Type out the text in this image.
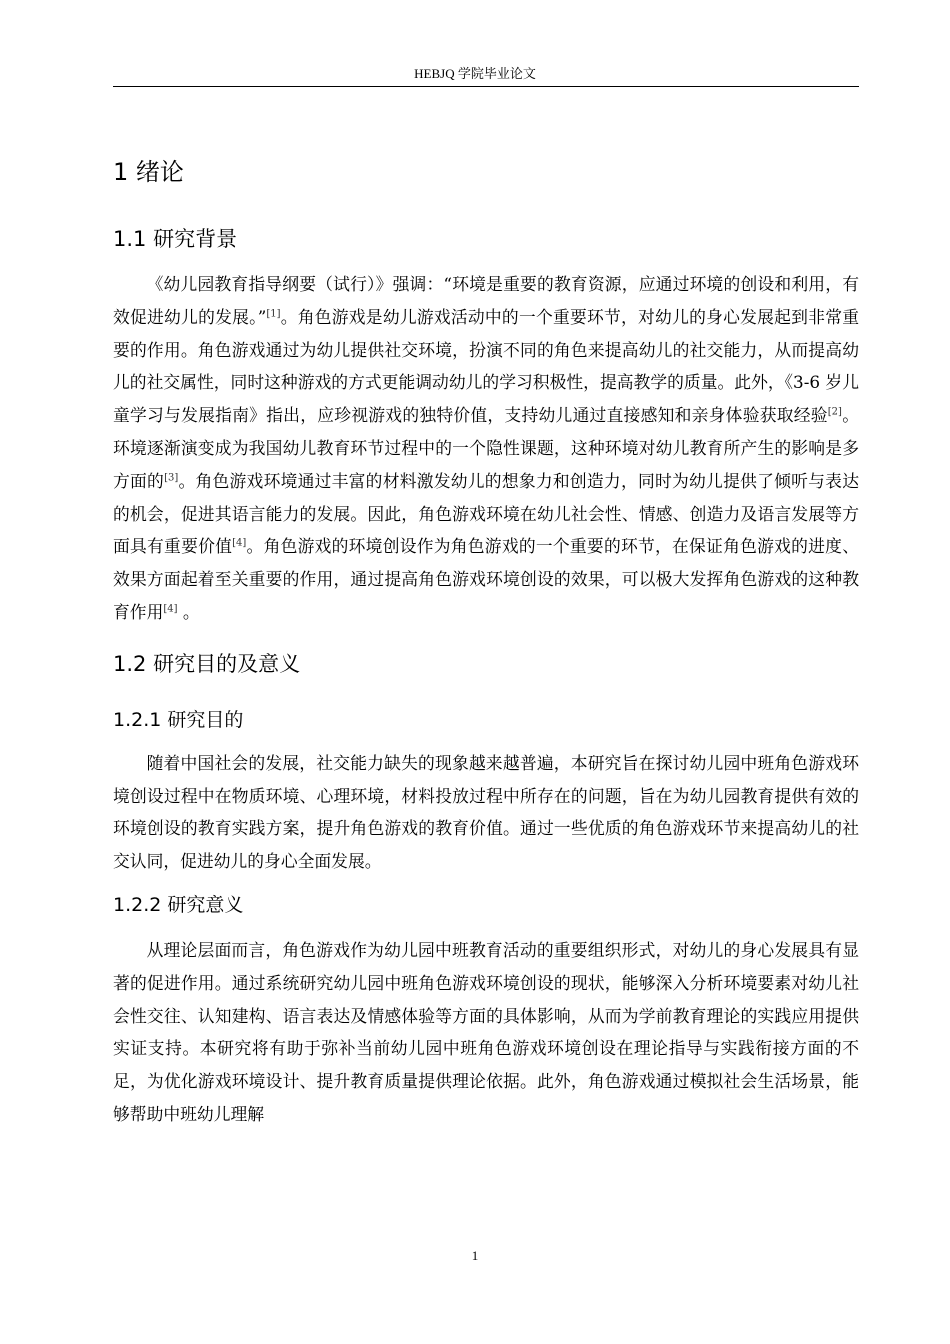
HEBJQ 学院毕业论文
1 绪论
1.1 研究背景

《幼儿园教育指导纲要（试行）》强调：“环境是重要的教育资源，应通过环境的创设和利用，有效促进幼儿的发展。”[1]。角色游戏是幼儿游戏活动中的一个重要环节，对幼儿的身心发展起到非常重要的作用。角色游戏通过为幼儿提供社交环境，扮演不同的角色来提高幼儿的社交能力，从而提高幼儿的社交属性，同时这种游戏的方式更能调动幼儿的学习积极性，提高教学的质量。此外，《3-6 岁儿童学习与发展指南》指出，应珍视游戏的独特价值，支持幼儿通过直接感知和亲身体验获取经验[2]。环境逐渐演变成为我国幼儿教育环节过程中的一个隐性课题，这种环境对幼儿教育所产生的影响是多方面的[3]。角色游戏环境通过丰富的材料激发幼儿的想象力和创造力，同时为幼儿提供了倾听与表达的机会，促进其语言能力的发展。因此，角色游戏环境在幼儿社会性、情感、创造力及语言发展等方面具有重要价值[4]。角色游戏的环境创设作为角色游戏的一个重要的环节，在保证角色游戏的进度、效果方面起着至关重要的作用，通过提高角色游戏环境创设的效果，可以极大发挥角色游戏的这种教育作用[4] 。

1.2 研究目的及意义
1.2.1 研究目的

随着中国社会的发展，社交能力缺失的现象越来越普遍，本研究旨在探讨幼儿园中班角色游戏环境创设过程中在物质环境、心理环境，材料投放过程中所存在的问题，旨在为幼儿园教育提供有效的环境创设的教育实践方案，提升角色游戏的教育价值。通过一些优质的角色游戏环节来提高幼儿的社交认同，促进幼儿的身心全面发展。

1.2.2 研究意义

从理论层面而言，角色游戏作为幼儿园中班教育活动的重要组织形式，对幼儿的身心发展具有显著的促进作用。通过系统研究幼儿园中班角色游戏环境创设的现状，能够深入分析环境要素对幼儿社会性交往、认知建构、语言表达及情感体验等方面的具体影响，从而为学前教育理论的实践应用提供实证支持。本研究将有助于弥补当前幼儿园中班角色游戏环境创设在理论指导与实践衔接方面的不足，为优化游戏环境设计、提升教育质量提供理论依据。此外，角色游戏通过模拟社会生活场景，能够帮助中班幼儿理解

1
